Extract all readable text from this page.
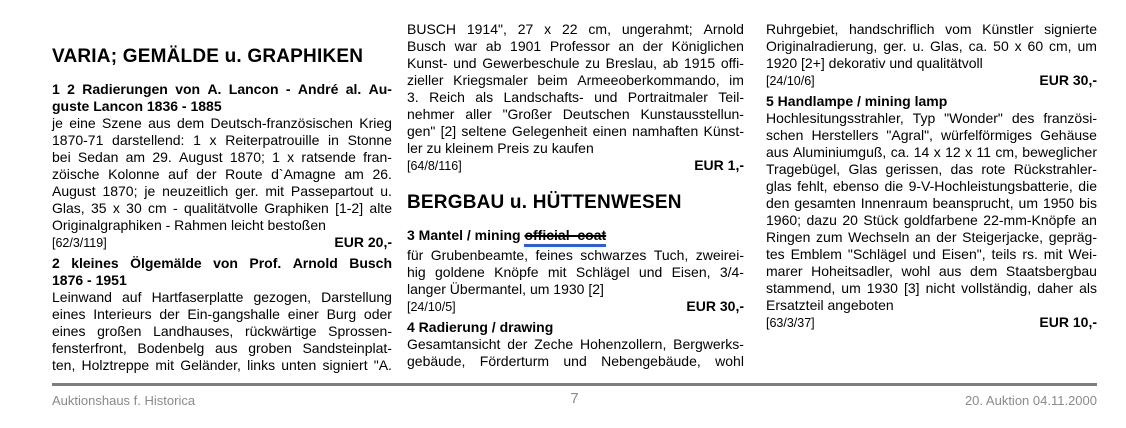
VARIA; GEMÄLDE u. GRAPHIKEN
1 2 Radierungen von A. Lancon - André al. Au-
guste Lancon 1836 - 1885
je eine Szene aus dem Deutsch-französischen Krieg
1870-71 darstellend: 1 x Reiterpatrouille in Stonne
bei Sedan am 29. August 1870; 1 x ratsende fran-
zöische Kolonne auf der Route d`Amagne am 26.
August 1870; je neuzeitlich ger. mit Passepartout u.
Glas, 35 x 30 cm - qualitätvolle Graphiken [1-2] alte
Originalgraphiken - Rahmen leicht bestoßen
[62/3/119]	EUR 20,-
2 kleines Ölgemälde von Prof. Arnold Busch
1876 - 1951
Leinwand auf Hartfaserplatte gezogen, Darstellung
eines Interieurs der Ein-gangshalle einer Burg oder
eines großen Landhauses, rückwärtige Sprossen-
fensterfront, Bodenbelg aus groben Sandsteinplat-
ten, Holztreppe mit Geländer, links unten signiert "A.
BUSCH 1914", 27 x 22 cm, ungerahmt; Arnold
Busch war ab 1901 Professor an der Königlichen
Kunst- und Gewerbeschule zu Breslau, ab 1915 offi-
zieller Kriegsmaler beim Armeeoberkommando, im
3. Reich als Landschafts- und Portraitmaler Teil-
nehmer aller "Großer Deutschen Kunstausstellun-
gen" [2] seltene Gelegenheit einen namhaften Künst-
ler zu kleinem Preis zu kaufen
[64/8/116]	EUR 1,-
BERGBAU u. HÜTTENWESEN
3 Mantel / mining official  coat
für Grubenbeamte, feines schwarzes Tuch, zweirei-
hig goldene Knöpfe mit Schlägel und Eisen, 3/4-
langer Übermantel, um 1930 [2]
[24/10/5]	EUR 30,-
4 Radierung / drawing
Gesamtansicht der Zeche Hohenzollern, Bergwerks-
gebäude, Förderturm und Nebengebäude, wohl
Ruhrgebiet, handschriflich vom Künstler signierte
Originalradierung, ger. u. Glas, ca. 50 x 60 cm, um
1920 [2+] dekorativ und qualitätvoll
[24/10/6]	EUR 30,-
5 Handlampe / mining lamp
Hochlesitungsstrahler, Typ "Wonder" des französi-
schen Herstellers "Agral", würfelförmiges Gehäuse
aus Aluminiumguß, ca. 14 x 12 x 11 cm, beweglicher
Tragebügel, Glas gerissen, das rote Rückstrahler-
glas fehlt, ebenso die 9-V-Hochleistungsbatterie, die
den gesamten Innenraum beansprucht, um 1950 bis
1960; dazu 20 Stück goldfarbene 22-mm-Knöpfe an
Ringen zum Wechseln an der Steigerjacke, gepräg-
tes Emblem "Schlägel und Eisen", teils rs. mit Wei-
marer Hoheitsadler, wohl aus dem Staatsbergbau
stammend, um 1930 [3] nicht vollständig, daher als
Ersatzteil angeboten
[63/3/37]	EUR 10,-
Auktionshaus f. Historica	7	20. Auktion 04.11.2000
